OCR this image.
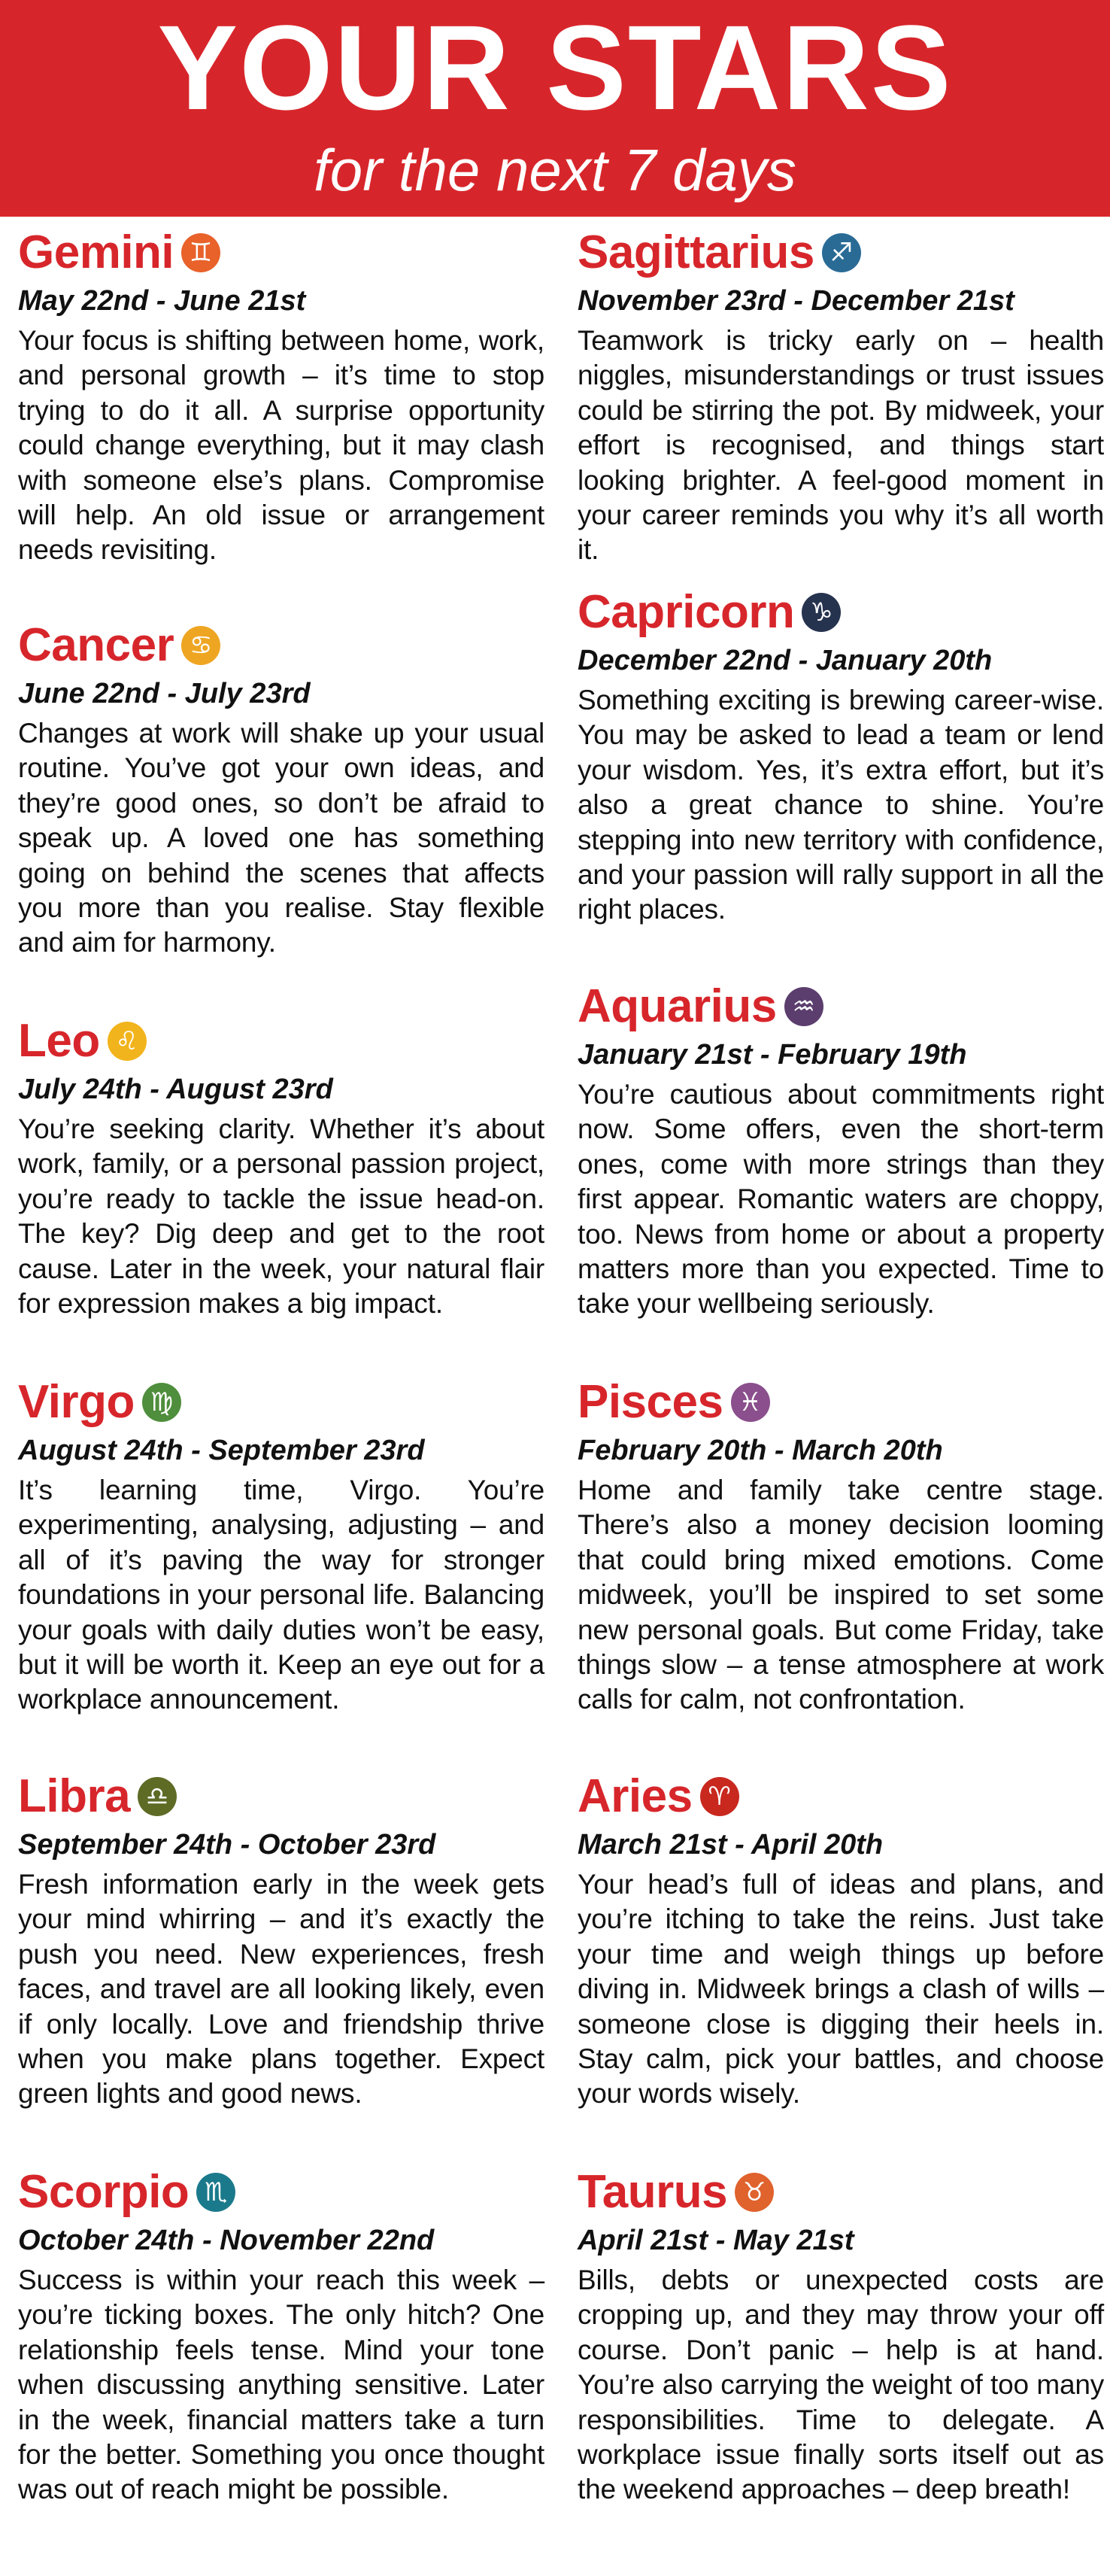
YOUR STARS
for the next 7 days
Gemini ♊
May 22nd - June 21st
Your focus is shifting between home, work, and personal growth – it’s time to stop trying to do it all. A surprise opportunity could change everything, but it may clash with someone else’s plans. Compromise will help. An old issue or arrangement needs revisiting.
Cancer ♋
June 22nd - July 23rd
Changes at work will shake up your usual routine. You’ve got your own ideas, and they’re good ones, so don’t be afraid to speak up. A loved one has something going on behind the scenes that affects you more than you realise. Stay flexible and aim for harmony.
Leo ♌
July 24th - August 23rd
You’re seeking clarity. Whether it’s about work, family, or a personal passion project, you’re ready to tackle the issue head-on. The key? Dig deep and get to the root cause. Later in the week, your natural flair for expression makes a big impact.
Virgo ♍
August 24th - September 23rd
It’s learning time, Virgo. You’re experimenting, analysing, adjusting – and all of it’s paving the way for stronger foundations in your personal life. Balancing your goals with daily duties won’t be easy, but it will be worth it. Keep an eye out for a workplace announcement.
Libra ♎
September 24th - October 23rd
Fresh information early in the week gets your mind whirring – and it’s exactly the push you need. New experiences, fresh faces, and travel are all looking likely, even if only locally. Love and friendship thrive when you make plans together. Expect green lights and good news.
Scorpio ♏
October 24th - November 22nd
Success is within your reach this week – you’re ticking boxes. The only hitch? One relationship feels tense. Mind your tone when discussing anything sensitive. Later in the week, financial matters take a turn for the better. Something you once thought was out of reach might be possible.
Sagittarius ♐
November 23rd - December 21st
Teamwork is tricky early on – health niggles, misunderstandings or trust issues could be stirring the pot. By midweek, your effort is recognised, and things start looking brighter. A feel-good moment in your career reminds you why it’s all worth it.
Capricorn ♑
December 22nd - January 20th
Something exciting is brewing career-wise. You may be asked to lead a team or lend your wisdom. Yes, it’s extra effort, but it’s also a great chance to shine. You’re stepping into new territory with confidence, and your passion will rally support in all the right places.
Aquarius ♒
January 21st - February 19th
You’re cautious about commitments right now. Some offers, even the short-term ones, come with more strings than they first appear. Romantic waters are choppy, too. News from home or about a property matters more than you expected. Time to take your wellbeing seriously.
Pisces ♓
February 20th - March 20th
Home and family take centre stage. There’s also a money decision looming that could bring mixed emotions. Come midweek, you’ll be inspired to set some new personal goals. But come Friday, take things slow – a tense atmosphere at work calls for calm, not confrontation.
Aries ♈
March 21st - April 20th
Your head’s full of ideas and plans, and you’re itching to take the reins. Just take your time and weigh things up before diving in. Midweek brings a clash of wills – someone close is digging their heels in. Stay calm, pick your battles, and choose your words wisely.
Taurus ♉
April 21st - May 21st
Bills, debts or unexpected costs are cropping up, and they may throw your off course. Don’t panic – help is at hand. You’re also carrying the weight of too many responsibilities. Time to delegate. A workplace issue finally sorts itself out as the weekend approaches – deep breath!
